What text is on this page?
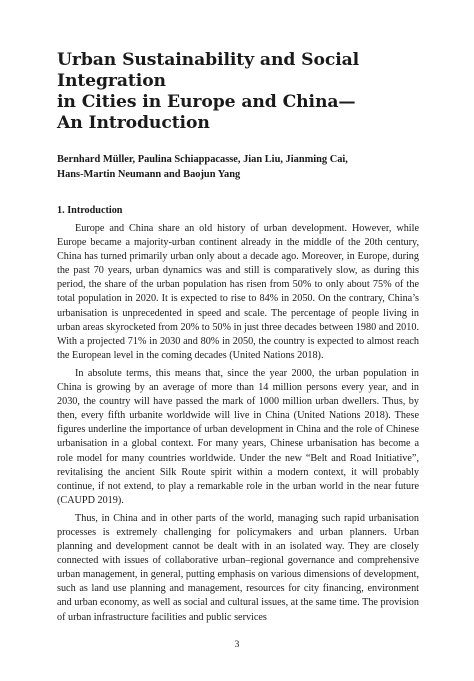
Urban Sustainability and Social Integration
in Cities in Europe and China—
An Introduction
Bernhard Müller, Paulina Schiappacasse, Jian Liu, Jianming Cai,
Hans-Martin Neumann and Baojun Yang
1. Introduction

Europe and China share an old history of urban development. However, while Europe became a majority-urban continent already in the middle of the 20th century, China has turned primarily urban only about a decade ago. Moreover, in Europe, during the past 70 years, urban dynamics was and still is comparatively slow, as during this period, the share of the urban population has risen from 50% to only about 75% of the total population in 2020. It is expected to rise to 84% in 2050. On the contrary, China’s urbanisation is unprecedented in speed and scale. The percentage of people living in urban areas skyrocketed from 20% to 50% in just three decades between 1980 and 2010. With a projected 71% in 2030 and 80% in 2050, the country is expected to almost reach the European level in the coming decades (United Nations 2018).

In absolute terms, this means that, since the year 2000, the urban population in China is growing by an average of more than 14 million persons every year, and in 2030, the country will have passed the mark of 1000 million urban dwellers. Thus, by then, every fifth urbanite worldwide will live in China (United Nations 2018). These figures underline the importance of urban development in China and the role of Chinese urbanisation in a global context. For many years, Chinese urbanisation has become a role model for many countries worldwide. Under the new “Belt and Road Initiative”, revitalising the ancient Silk Route spirit within a modern context, it will probably continue, if not extend, to play a remarkable role in the urban world in the near future (CAUPD 2019).

Thus, in China and in other parts of the world, managing such rapid urbanisation processes is extremely challenging for policymakers and urban planners. Urban planning and development cannot be dealt with in an isolated way. They are closely connected with issues of collaborative urban–regional governance and comprehensive urban management, in general, putting emphasis on various dimensions of development, such as land use planning and management, resources for city financing, environment and urban economy, as well as social and cultural issues, at the same time. The provision of urban infrastructure facilities and public services

3
